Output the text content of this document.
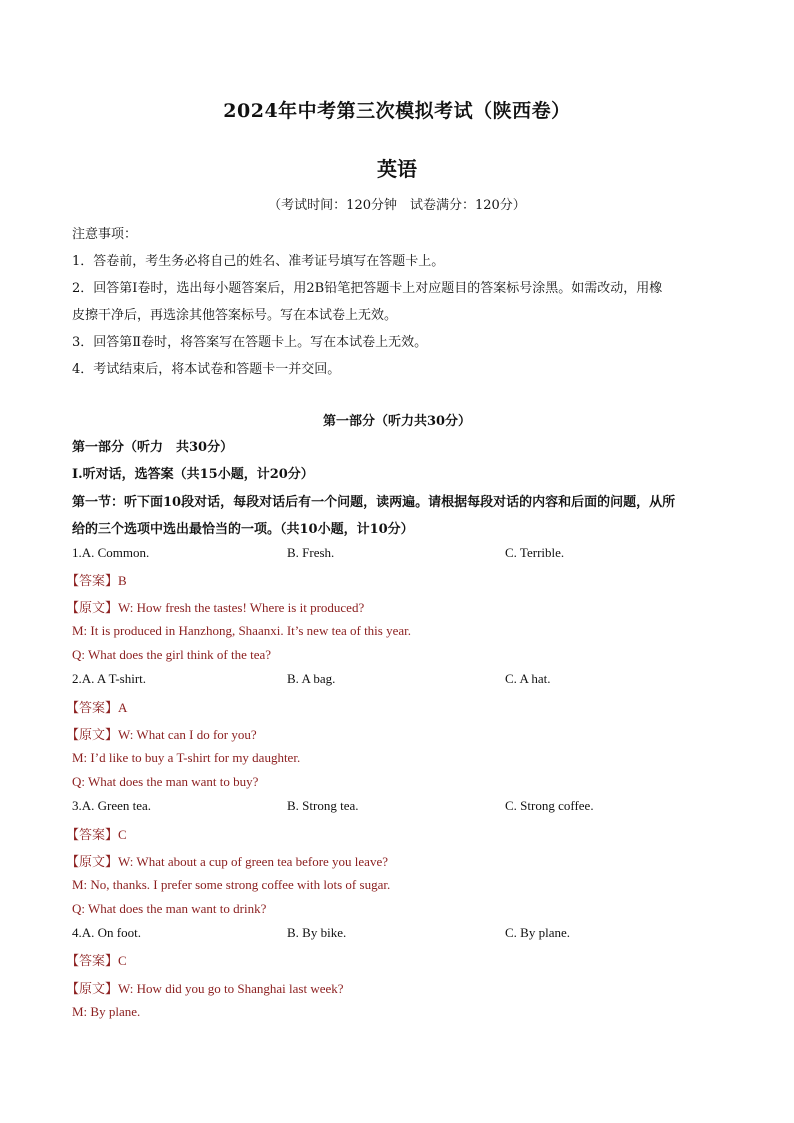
2024年中考第三次模拟考试（陕西卷）
英语
（考试时间：120分钟　试卷满分：120分）
注意事项：
1．答卷前，考生务必将自己的姓名、准考证号填写在答题卡上。
2．回答第Ⅰ卷时，选出每小题答案后，用2B铅笔把答题卡上对应题目的答案标号涂黑。如需改动，用橡
皮擦干净后，再选涂其他答案标号。写在本试卷上无效。
3．回答第Ⅱ卷时，将答案写在答题卡上。写在本试卷上无效。
4．考试结束后，将本试卷和答题卡一并交回。
第一部分（听力共30分）
第一部分（听力　共30分）
I.听对话，选答案（共15小题，计20分）
第一节：听下面10段对话，每段对话后有一个问题，读两遍。请根据每段对话的内容和后面的问题，从所
给的三个选项中选出最恰当的一项。（共10小题，计10分）
1.A. Common.	B. Fresh.	C. Terrible.
【答案】B
【原文】W: How fresh the tastes! Where is it produced?
M: It is produced in Hanzhong, Shaanxi. It’s new tea of this year.
Q: What does the girl think of the tea?
2.A. A T-shirt.	B. A bag.	C. A hat.
【答案】A
【原文】W: What can I do for you?
M: I’d like to buy a T-shirt for my daughter.
Q: What does the man want to buy?
3.A. Green tea.	B. Strong tea.	C. Strong coffee.
【答案】C
【原文】W: What about a cup of green tea before you leave?
M: No, thanks. I prefer some strong coffee with lots of sugar.
Q: What does the man want to drink?
4.A. On foot.	B. By bike.	C. By plane.
【答案】C
【原文】W: How did you go to Shanghai last week?
M: By plane.
